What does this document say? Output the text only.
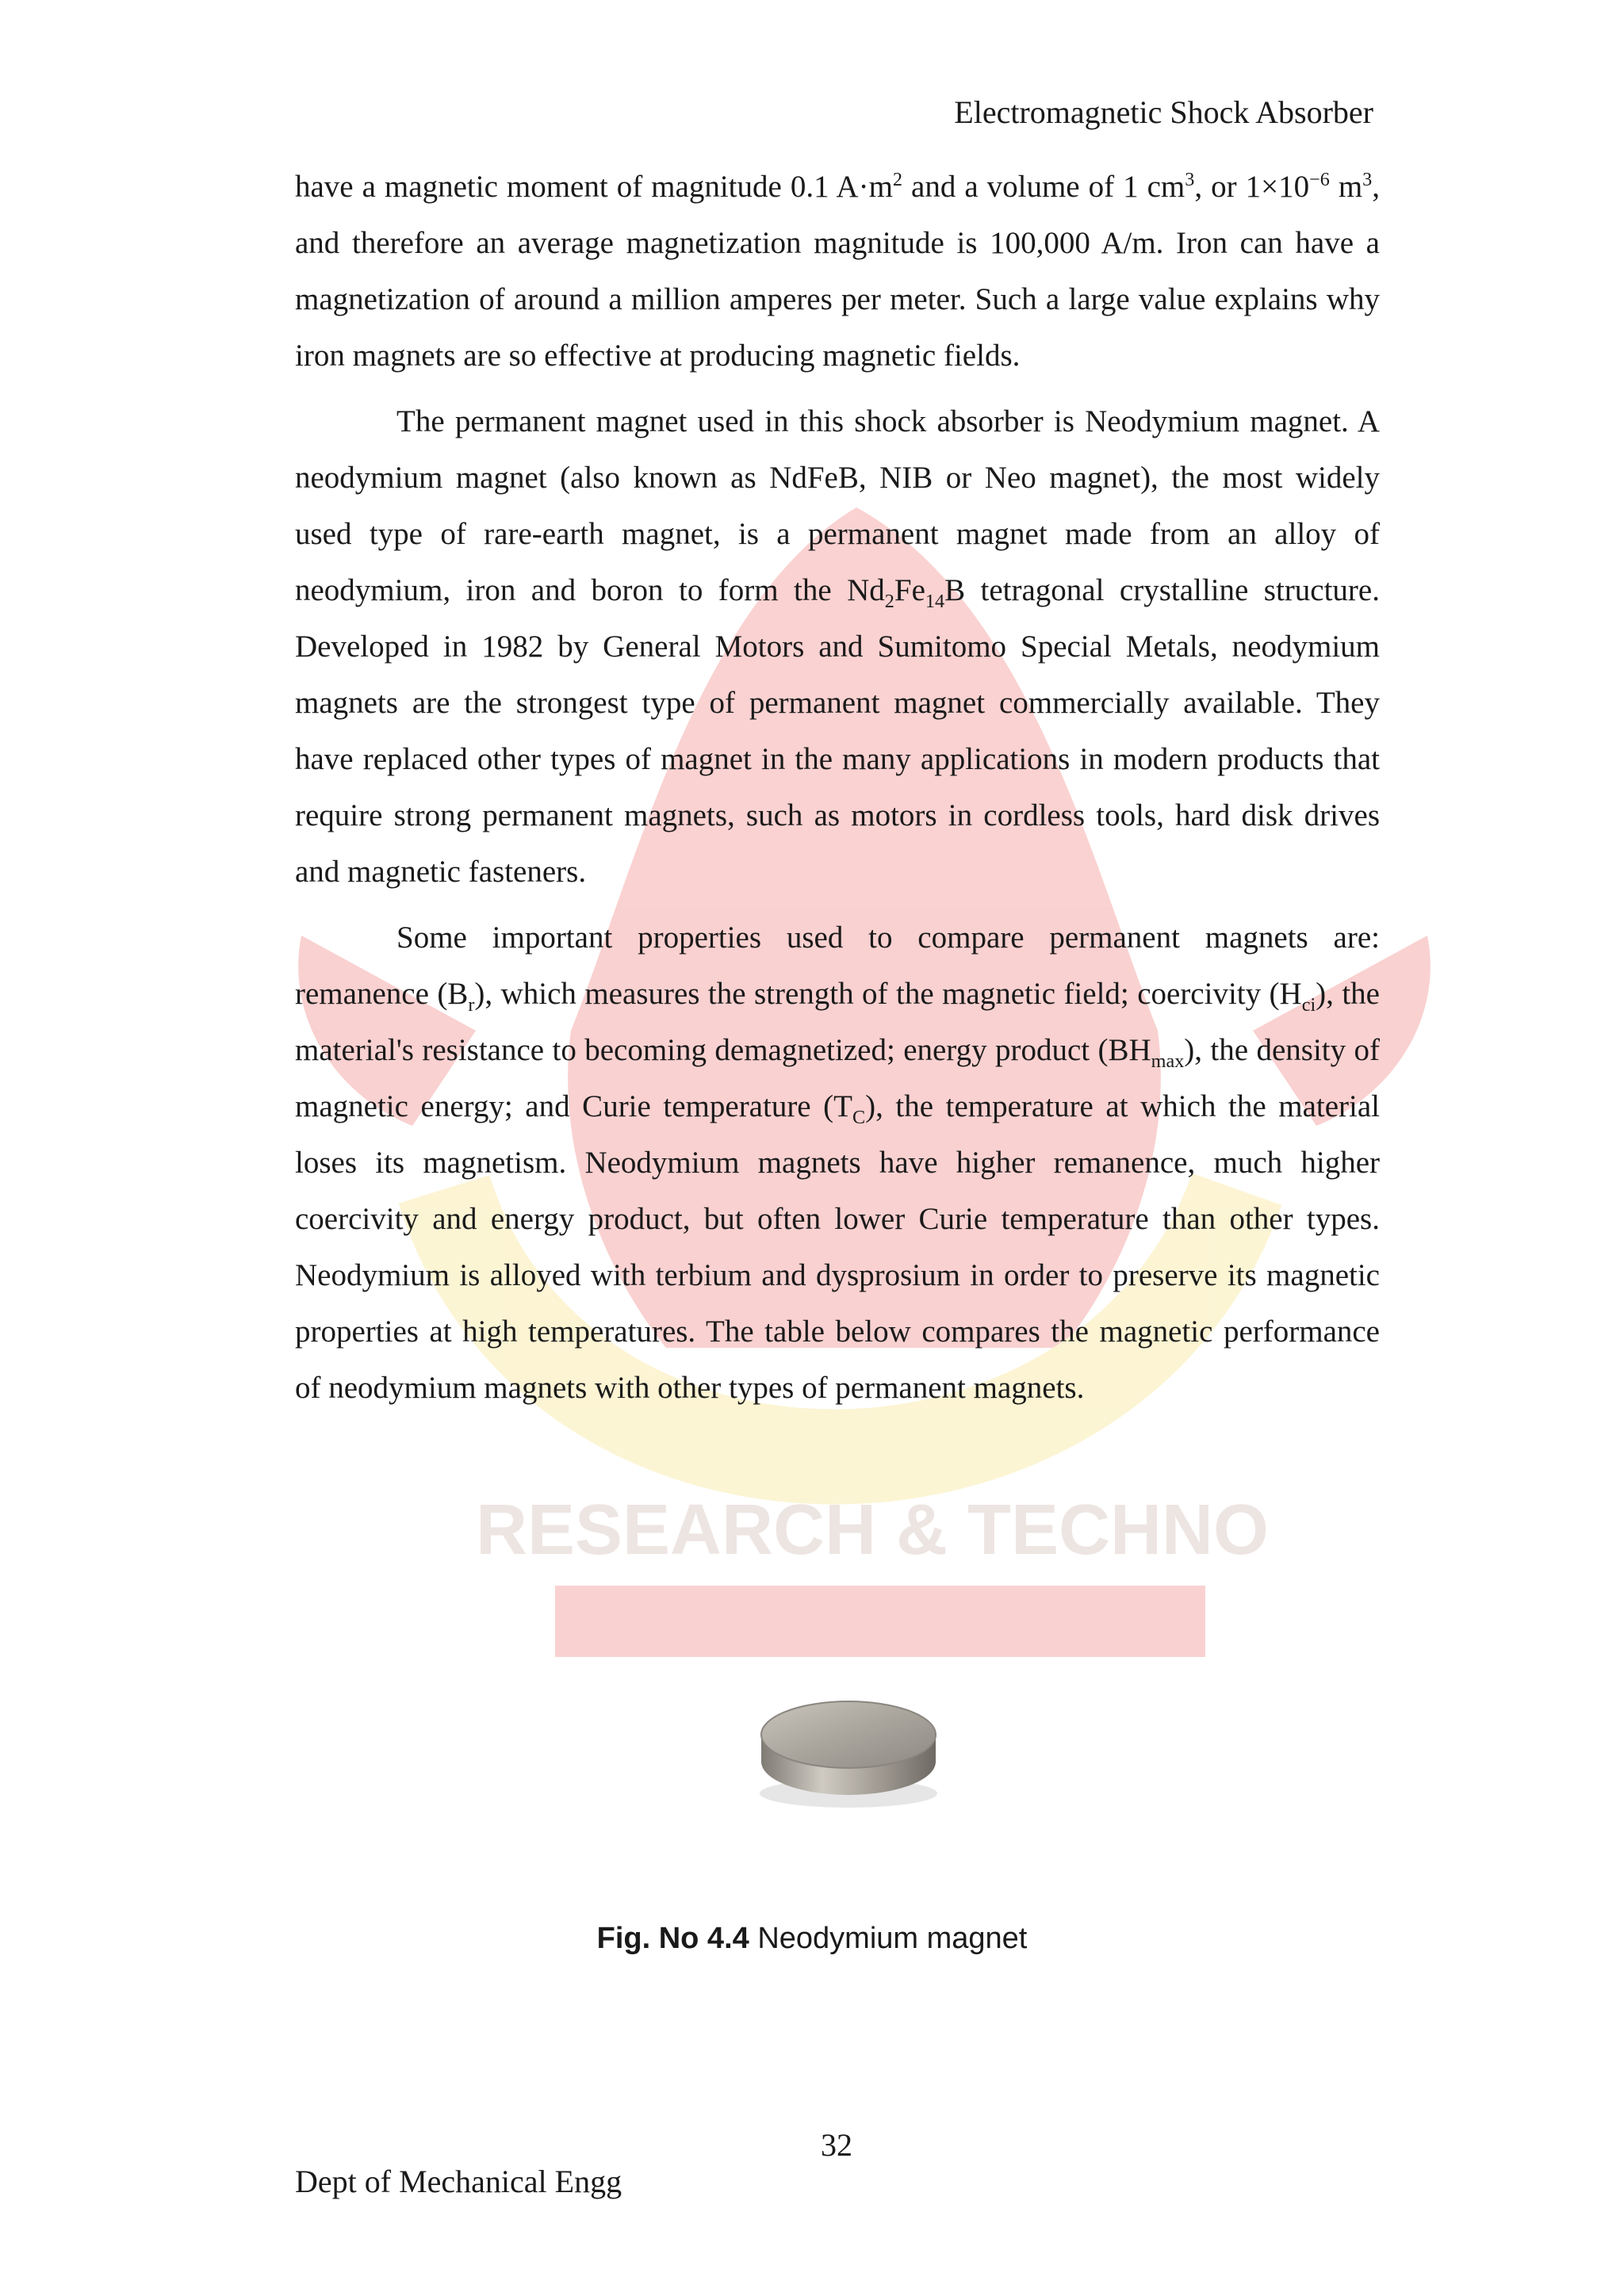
RESEARCH & TECHNO
Electromagnetic Shock Absorber

have a magnetic moment of magnitude 0.1 $A\cdot m^2$ and a volume of 1 $cm^3$, or $1\times 10^{-6}$ $m^3$, and therefore an average magnetization magnitude is 100,000 A/m. Iron can have a magnetization of around a million amperes per meter. Such a large value explains why iron magnets are so effective at producing magnetic fields.

The permanent magnet used in this shock absorber is Neodymium magnet. A neodymium magnet (also known as NdFeB, NIB or Neo magnet), the most widely used type of rare-earth magnet, is a permanent magnet made from an alloy of neodymium, iron and boron to form the $Nd_2Fe_{14}B$ tetragonal crystalline structure. Developed in 1982 by General Motors and Sumitomo Special Metals, neodymium magnets are the strongest type of permanent magnet commercially available. They have replaced other types of magnet in the many applications in modern products that require strong permanent magnets, such as motors in cordless tools, hard disk drives and magnetic fasteners.

Some important properties used to compare permanent magnets are: remanence $(B_r)$, which measures the strength of the magnetic field; coercivity $(H_{ci})$, the material's resistance to becoming demagnetized; energy product $(BH_{max})$, the density of magnetic energy; and Curie temperature $(T_C)$, the temperature at which the material loses its magnetism. Neodymium magnets have higher remanence, much higher coercivity and energy product, but often lower Curie temperature than other types. Neodymium is alloyed with terbium and dysprosium in order to preserve its magnetic properties at high temperatures. The table below compares the magnetic performance of neodymium magnets with other types of permanent magnets.

Fig. No 4.4 Neodymium magnet
32
Dept of Mechanical Engg
